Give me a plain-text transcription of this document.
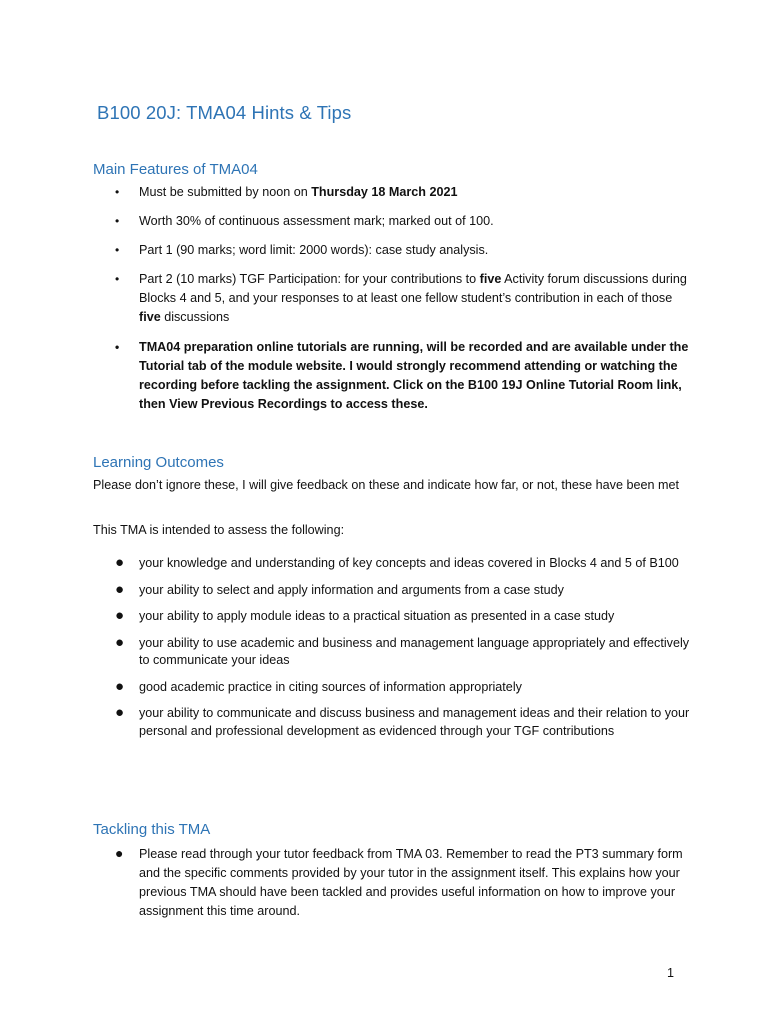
B100 20J: TMA04 Hints & Tips
Main Features of TMA04
• Must be submitted by noon on Thursday 18 March 2021
• Worth 30% of continuous assessment mark; marked out of 100.
• Part 1 (90 marks; word limit: 2000 words): case study analysis.
• Part 2 (10 marks) TGF Participation: for your contributions to five Activity forum discussions during Blocks 4 and 5, and your responses to at least one fellow student’s contribution in each of those five discussions
• TMA04 preparation online tutorials are running, will be recorded and are available under the Tutorial tab of the module website. I would strongly recommend attending or watching the recording before tackling the assignment. Click on the B100 19J Online Tutorial Room link, then View Previous Recordings to access these.
Learning Outcomes

Please don’t ignore these, I will give feedback on these and indicate how far, or not, these have been met

This TMA is intended to assess the following:

● your knowledge and understanding of key concepts and ideas covered in Blocks 4 and 5 of B100
● your ability to select and apply information and arguments from a case study
● your ability to apply module ideas to a practical situation as presented in a case study
● your ability to use academic and business and management language appropriately and effectively to communicate your ideas
● good academic practice in citing sources of information appropriately
● your ability to communicate and discuss business and management ideas and their relation to your personal and professional development as evidenced through your TGF contributions
Tackling this TMA
● Please read through your tutor feedback from TMA 03. Remember to read the PT3 summary form and the specific comments provided by your tutor in the assignment itself. This explains how your previous TMA should have been tackled and provides useful information on how to improve your assignment this time around.
1
